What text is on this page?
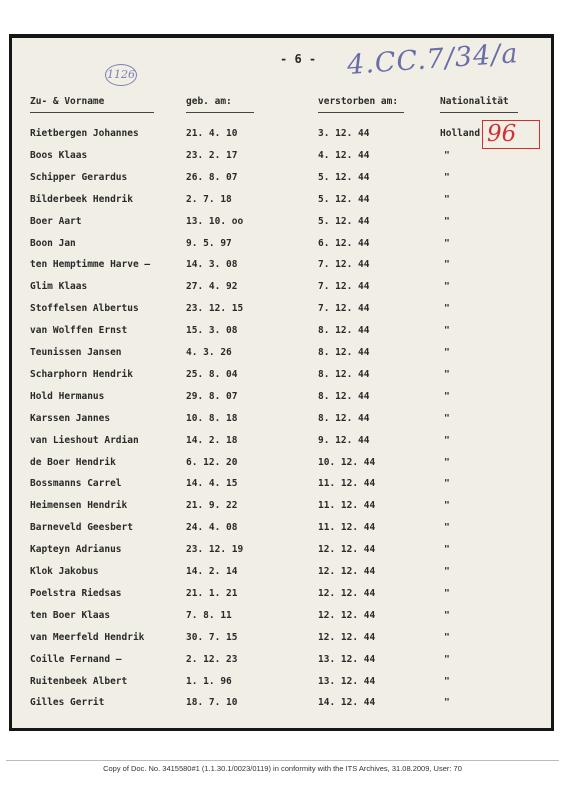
- 6 - 4.CC.7/34/a
1126
Zu- & Vorname	geb. am:	verstorben am:	Nationalität
96
Rietbergen Johannes	21. 4. 10	3. 12. 44	Holland
Boos Klaas	23. 2. 17	4. 12. 44	"
Schipper Gerardus	26. 8. 07	5. 12. 44	"
Bilderbeek Hendrik	2. 7. 18	5. 12. 44	"
Boer Aart	13. 10. oo	5. 12. 44	"
Boon Jan	9. 5. 97	6. 12. 44	"
ten Hemptimme Harve —	14. 3. 08	7. 12. 44	"
Glim Klaas	27. 4. 92	7. 12. 44	"
Stoffelsen Albertus	23. 12. 15	7. 12. 44	"
van Wolffen Ernst	15. 3. 08	8. 12. 44	"
Teunissen Jansen	4. 3. 26	8. 12. 44	"
Scharphorn Hendrik	25. 8. 04	8. 12. 44	"
Hold Hermanus	29. 8. 07	8. 12. 44	"
Karssen Jannes	10. 8. 18	8. 12. 44	"
van Lieshout Ardian	14. 2. 18	9. 12. 44	"
de Boer Hendrik	6. 12. 20	10. 12. 44	"
Bossmanns Carrel	14. 4. 15	11. 12. 44	"
Heimensen Hendrik	21. 9. 22	11. 12. 44	"
Barneveld Geesbert	24. 4. 08	11. 12. 44	"
Kapteyn Adrianus	23. 12. 19	12. 12. 44	"
Klok Jakobus	14. 2. 14	12. 12. 44	"
Poelstra Riedsas	21. 1. 21	12. 12. 44	"
ten Boer Klaas	7. 8. 11	12. 12. 44	"
van Meerfeld Hendrik	30. 7. 15	12. 12. 44	"
Coille Fernand —	2. 12. 23	13. 12. 44	"
Ruitenbeek Albert	1. 1. 96	13. 12. 44	"
Gilles Gerrit	18. 7. 10	14. 12. 44	"
Copy of Doc. No. 3415580#1 (1.1.30.1/0023/0119) in conformity with the ITS Archives, 31.08.2009, User: 70
